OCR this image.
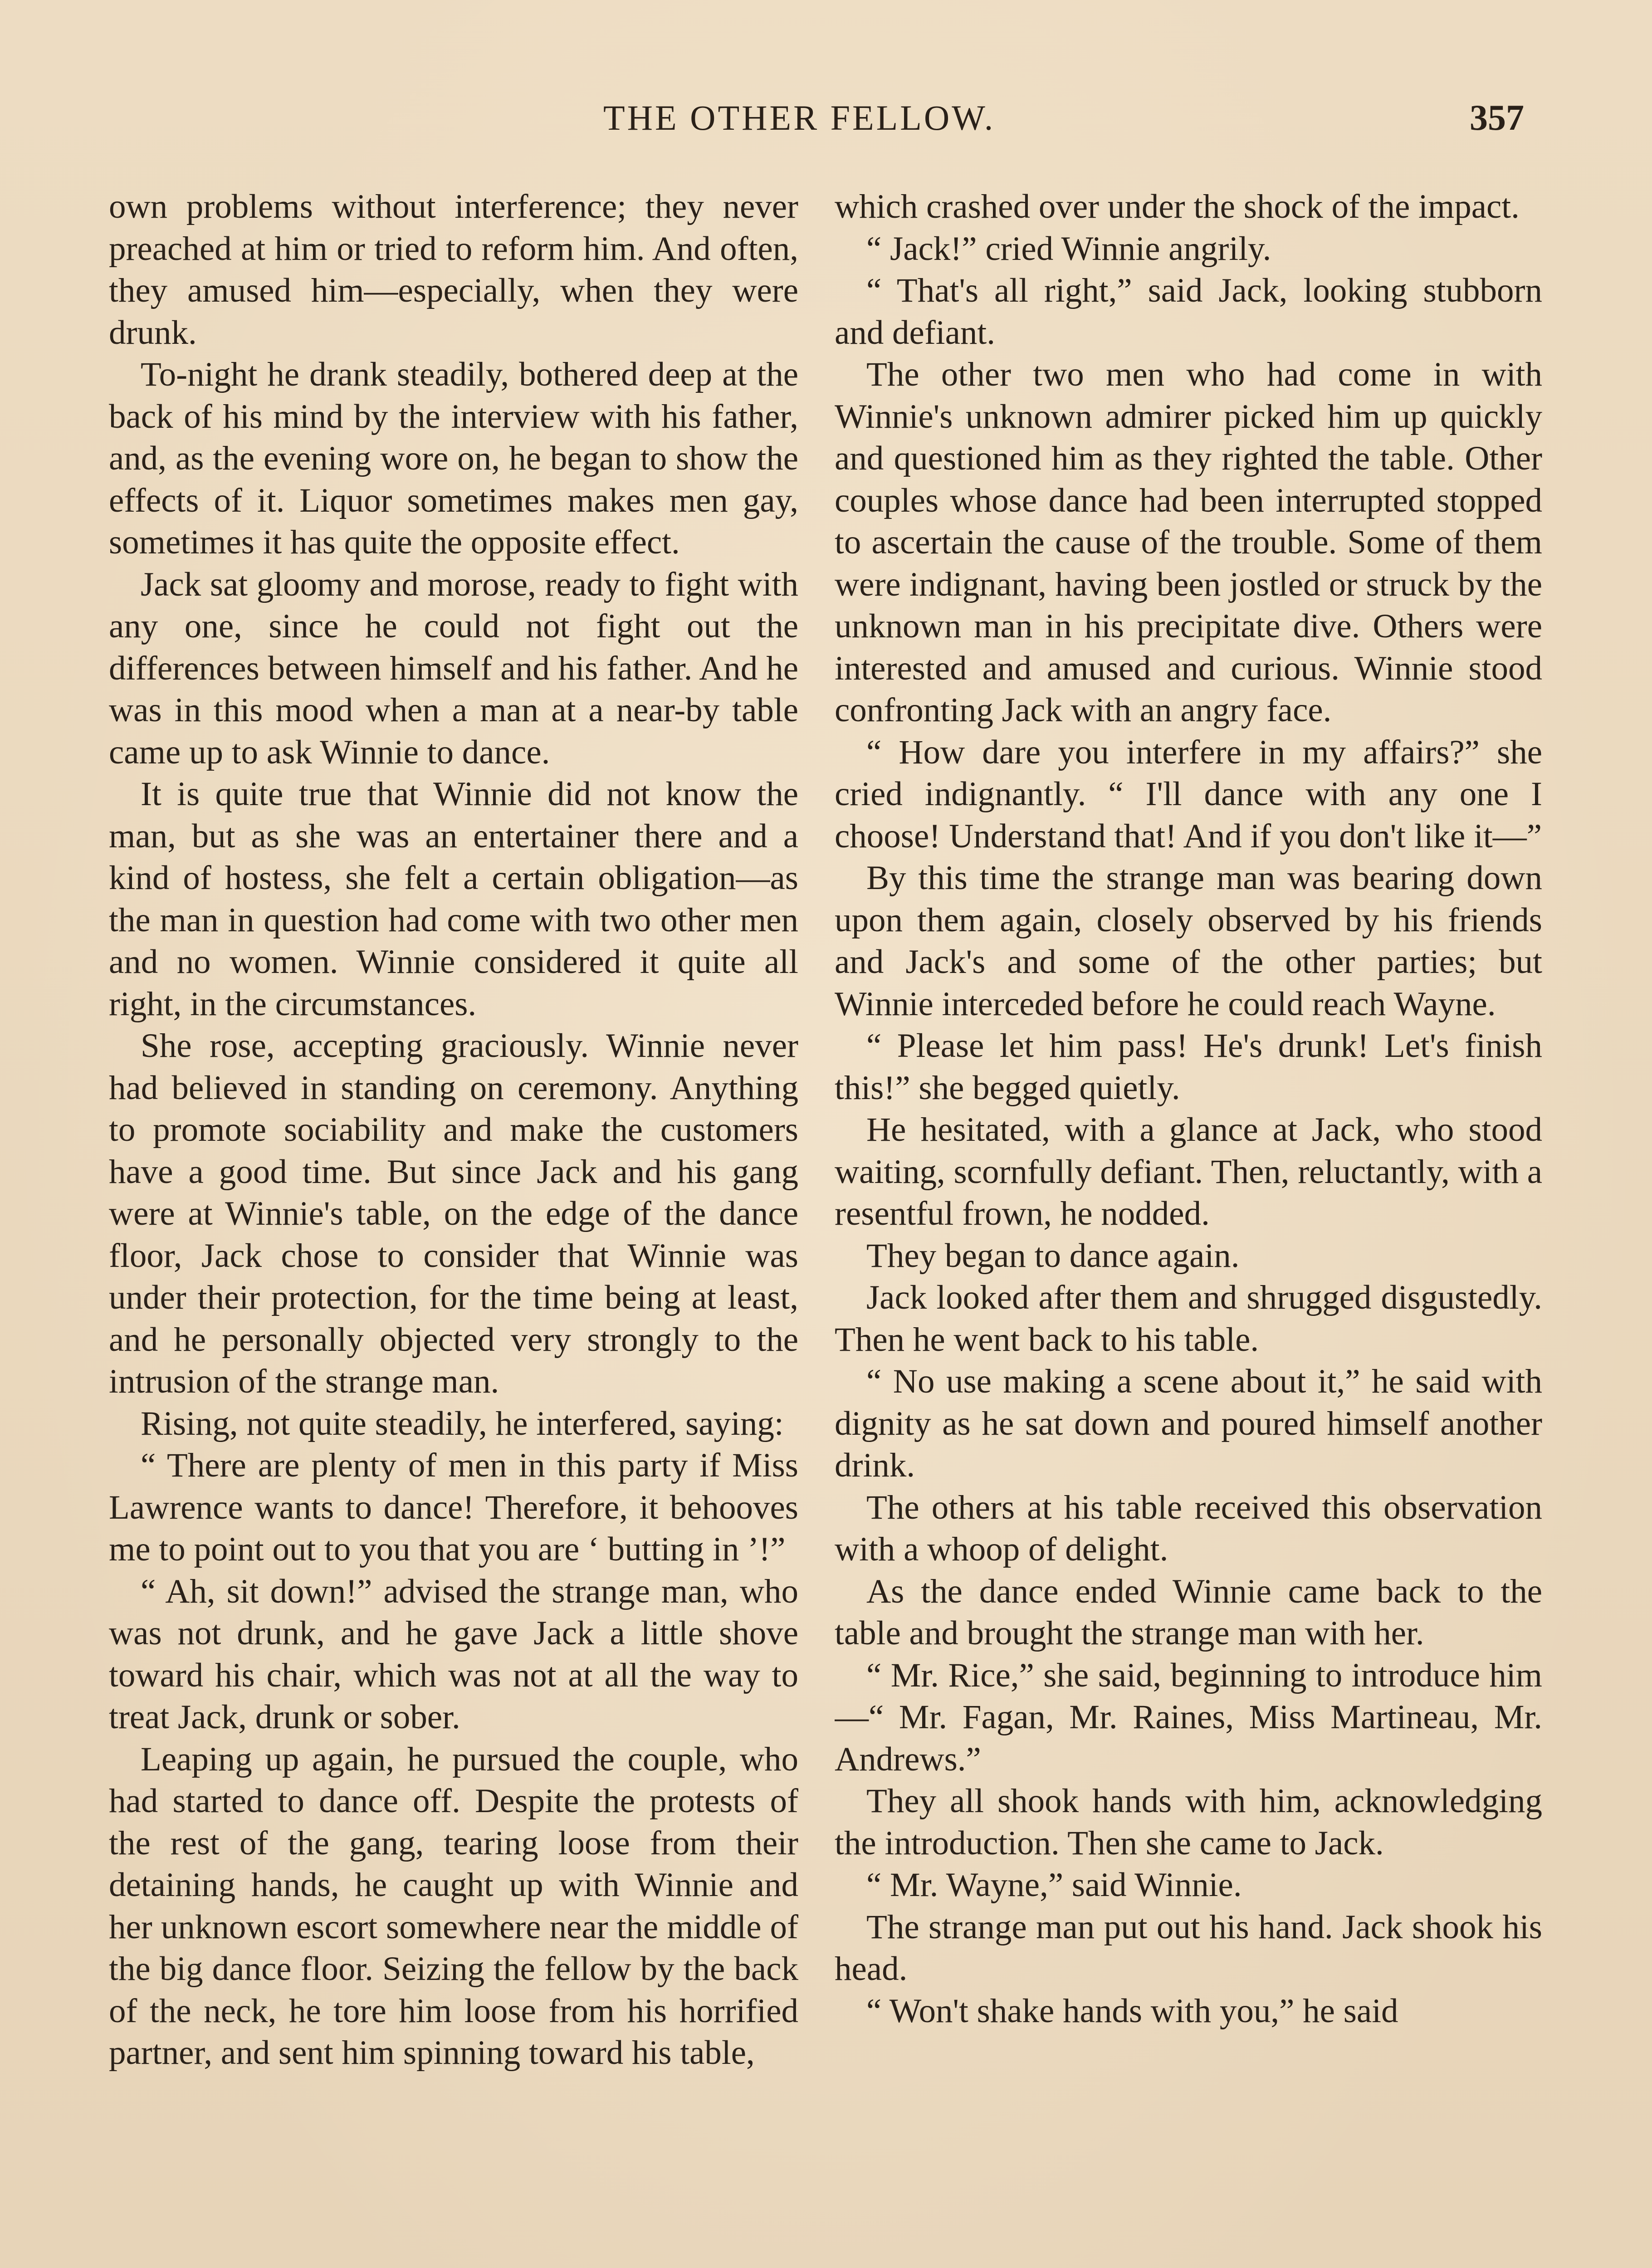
THE OTHER FELLOW.	357

own problems without interference; they never preached at him or tried to reform him. And often, they amused him—especially, when they were drunk.

To-night he drank steadily, bothered deep at the back of his mind by the interview with his father, and, as the evening wore on, he began to show the effects of it. Liquor sometimes makes men gay, sometimes it has quite the opposite effect.

Jack sat gloomy and morose, ready to fight with any one, since he could not fight out the differences between himself and his father. And he was in this mood when a man at a near-by table came up to ask Winnie to dance.

It is quite true that Winnie did not know the man, but as she was an entertainer there and a kind of hostess, she felt a certain obligation—as the man in question had come with two other men and no women. Winnie considered it quite all right, in the circumstances.

She rose, accepting graciously. Winnie never had believed in standing on ceremony. Anything to promote sociability and make the customers have a good time. But since Jack and his gang were at Winnie's table, on the edge of the dance floor, Jack chose to consider that Winnie was under their protection, for the time being at least, and he personally objected very strongly to the intrusion of the strange man.

Rising, not quite steadily, he interfered, saying:

“ There are plenty of men in this party if Miss Lawrence wants to dance! Therefore, it behooves me to point out to you that you are ‘ butting in ’!”

“ Ah, sit down!” advised the strange man, who was not drunk, and he gave Jack a little shove toward his chair, which was not at all the way to treat Jack, drunk or sober.

Leaping up again, he pursued the couple, who had started to dance off. Despite the protests of the rest of the gang, tearing loose from their detaining hands, he caught up with Winnie and her unknown escort somewhere near the middle of the big dance floor. Seizing the fellow by the back of the neck, he tore him loose from his horrified partner, and sent him spinning toward his table,

which crashed over under the shock of the impact.

“ Jack!” cried Winnie angrily.

“ That's all right,” said Jack, looking stubborn and defiant.

The other two men who had come in with Winnie's unknown admirer picked him up quickly and questioned him as they righted the table. Other couples whose dance had been interrupted stopped to ascertain the cause of the trouble. Some of them were indignant, having been jostled or struck by the unknown man in his precipitate dive. Others were interested and amused and curious. Winnie stood confronting Jack with an angry face.

“ How dare you interfere in my affairs?” she cried indignantly. “ I'll dance with any one I choose! Understand that! And if you don't like it—”

By this time the strange man was bearing down upon them again, closely observed by his friends and Jack's and some of the other parties; but Winnie interceded before he could reach Wayne.

“ Please let him pass! He's drunk! Let's finish this!” she begged quietly.

He hesitated, with a glance at Jack, who stood waiting, scornfully defiant. Then, reluctantly, with a resentful frown, he nodded.

They began to dance again.

Jack looked after them and shrugged disgustedly. Then he went back to his table.

“ No use making a scene about it,” he said with dignity as he sat down and poured himself another drink.

The others at his table received this observation with a whoop of delight.

As the dance ended Winnie came back to the table and brought the strange man with her.

“ Mr. Rice,” she said, beginning to introduce him—“ Mr. Fagan, Mr. Raines, Miss Martineau, Mr. Andrews.”

They all shook hands with him, acknowledging the introduction. Then she came to Jack.

“ Mr. Wayne,” said Winnie.

The strange man put out his hand. Jack shook his head.

“ Won't shake hands with you,” he said
